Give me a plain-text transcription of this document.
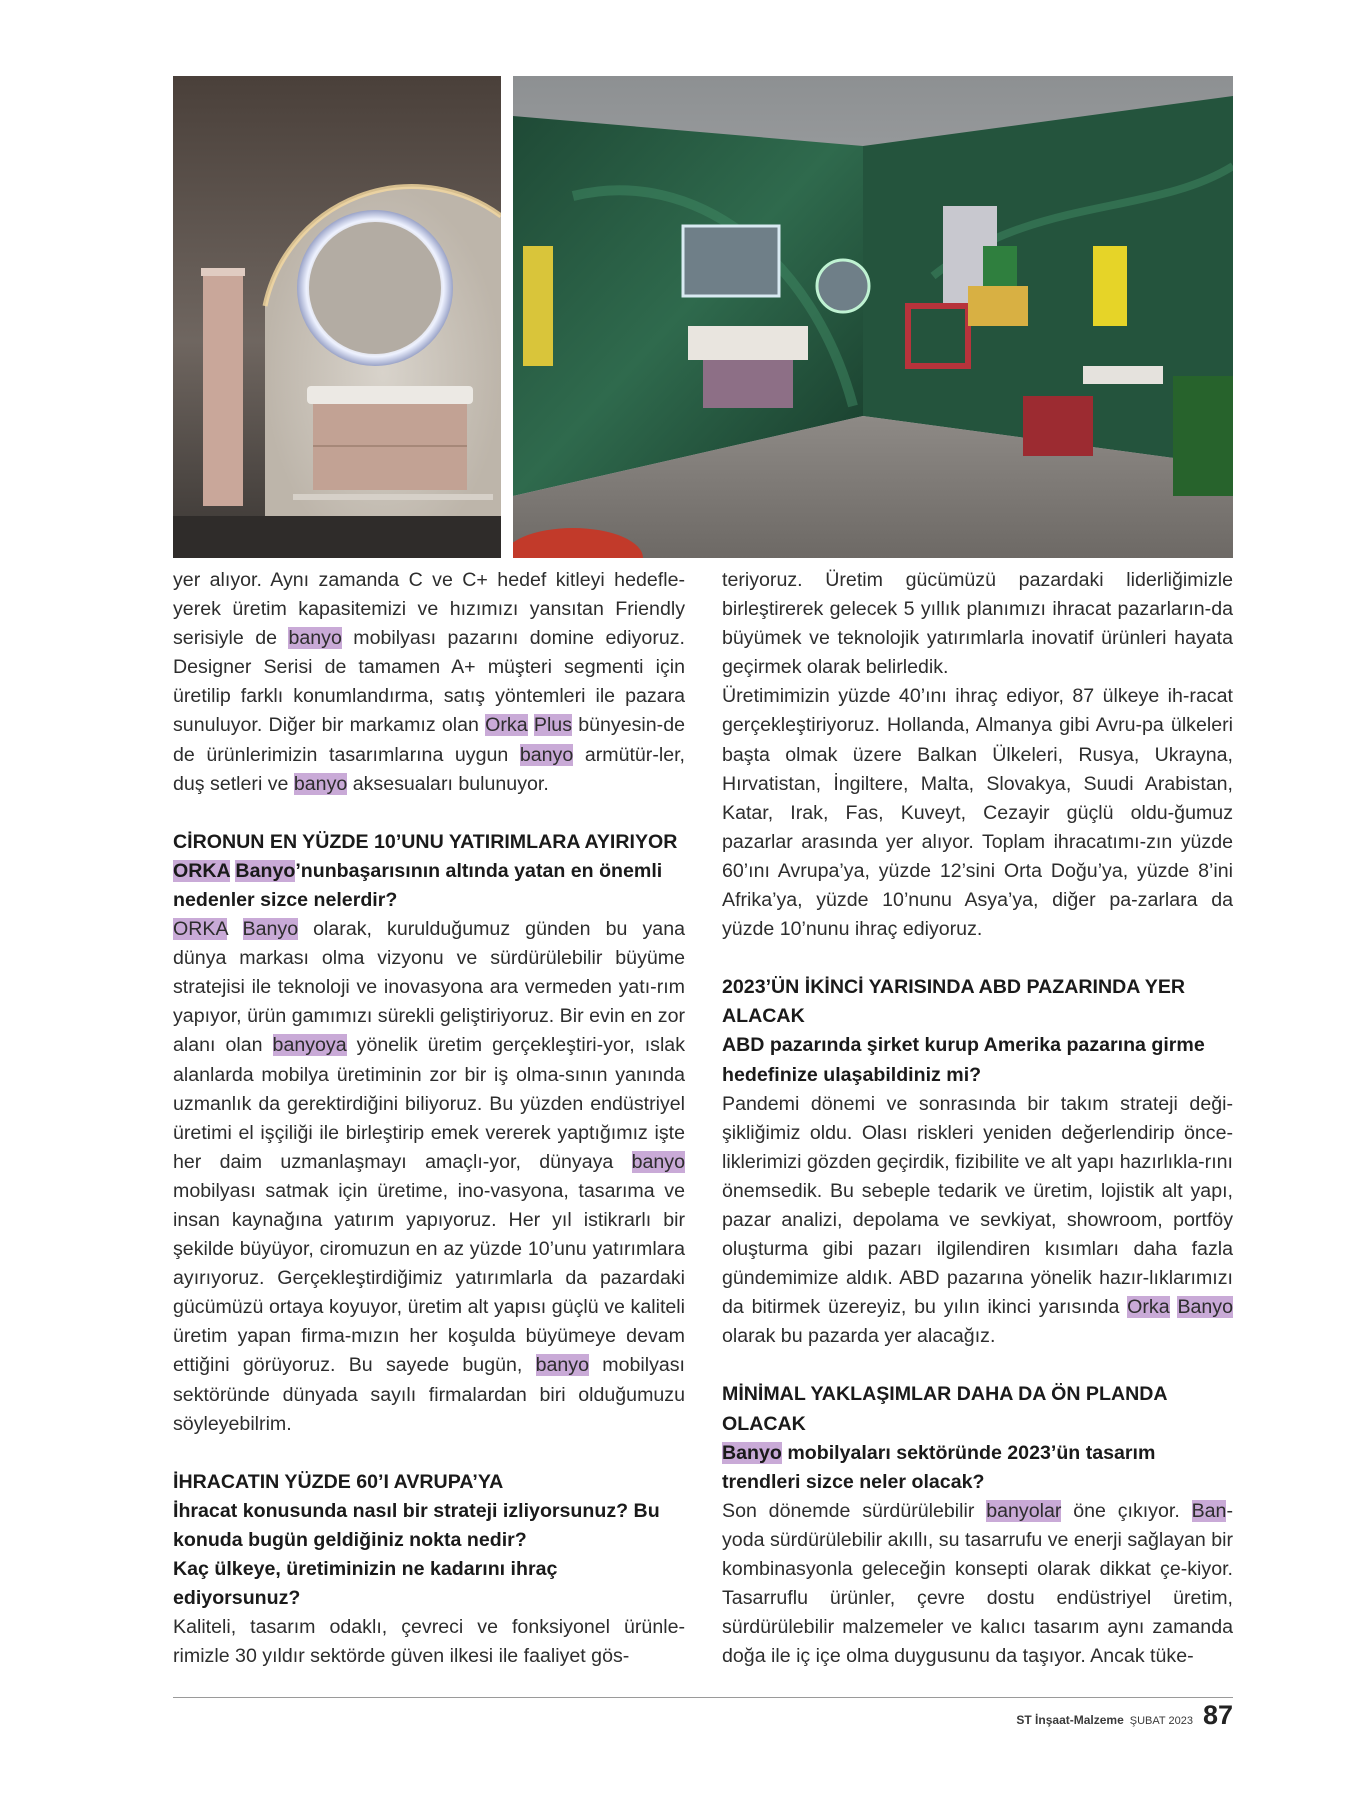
yer alıyor. Aynı zamanda C ve C+ hedef kitleyi hedefle-yerek üretim kapasitemizi ve hızımızı yansıtan Friendly serisiyle de banyo mobilyası pazarını domine ediyoruz. Designer Serisi de tamamen A+ müşteri segmenti için üretilip farklı konumlandırma, satış yöntemleri ile pazara sunuluyor. Diğer bir markamız olan Orka Plus bünyesin-de de ürünlerimizin tasarımlarına uygun banyo armütür-ler, duş setleri ve banyo aksesuaları bulunuyor.

CİRONUN EN YÜZDE 10’UNU YATIRIMLARA AYIRIYOR

ORKA Banyo’nunbaşarısının altında yatan en önemli nedenler sizce nelerdir?

ORKA Banyo olarak, kurulduğumuz günden bu yana dünya markası olma vizyonu ve sürdürülebilir büyüme stratejisi ile teknoloji ve inovasyona ara vermeden yatı-rım yapıyor, ürün gamımızı sürekli geliştiriyoruz. Bir evin en zor alanı olan banyoya yönelik üretim gerçekleştiri-yor, ıslak alanlarda mobilya üretiminin zor bir iş olma-sının yanında uzmanlık da gerektirdiğini biliyoruz. Bu yüzden endüstriyel üretimi el işçiliği ile birleştirip emek vererek yaptığımız işte her daim uzmanlaşmayı amaçlı-yor, dünyaya banyo mobilyası satmak için üretime, ino-vasyona, tasarıma ve insan kaynağına yatırım yapıyoruz. Her yıl istikrarlı bir şekilde büyüyor, ciromuzun en az yüzde 10’unu yatırımlara ayırıyoruz. Gerçekleştirdiğimiz yatırımlarla da pazardaki gücümüzü ortaya koyuyor, üretim alt yapısı güçlü ve kaliteli üretim yapan firma-mızın her koşulda büyümeye devam ettiğini görüyoruz. Bu sayede bugün, banyo mobilyası sektöründe dünyada sayılı firmalardan biri olduğumuzu söyleyebilrim.

İHRACATIN YÜZDE 60’I AVRUPA’YA

İhracat konusunda nasıl bir strateji izliyorsunuz? Bu konuda bugün geldiğiniz nokta nedir?

Kaç ülkeye, üretiminizin ne kadarını ihraç ediyorsunuz?

Kaliteli, tasarım odaklı, çevreci ve fonksiyonel ürünle-rimizle 30 yıldır sektörde güven ilkesi ile faaliyet gös-

teriyoruz. Üretim gücümüzü pazardaki liderliğimizle birleştirerek gelecek 5 yıllık planımızı ihracat pazarların-da büyümek ve teknolojik yatırımlarla inovatif ürünleri hayata geçirmek olarak belirledik.

Üretimimizin yüzde 40’ını ihraç ediyor, 87 ülkeye ih-racat gerçekleştiriyoruz. Hollanda, Almanya gibi Avru-pa ülkeleri başta olmak üzere Balkan Ülkeleri, Rusya, Ukrayna, Hırvatistan, İngiltere, Malta, Slovakya, Suudi Arabistan, Katar, Irak, Fas, Kuveyt, Cezayir güçlü oldu-ğumuz pazarlar arasında yer alıyor. Toplam ihracatımı-zın yüzde 60’ını Avrupa’ya, yüzde 12’sini Orta Doğu’ya, yüzde 8’ini Afrika’ya, yüzde 10’nunu Asya’ya, diğer pa-zarlara da yüzde 10’nunu ihraç ediyoruz.

2023’ÜN İKİNCİ YARISINDA ABD PAZARINDA YER ALACAK

ABD pazarında şirket kurup Amerika pazarına girme hedefinize ulaşabildiniz mi?

Pandemi dönemi ve sonrasında bir takım strateji deği-şikliğimiz oldu. Olası riskleri yeniden değerlendirip önce-liklerimizi gözden geçirdik, fizibilite ve alt yapı hazırlıkla-rını önemsedik. Bu sebeple tedarik ve üretim, lojistik alt yapı, pazar analizi, depolama ve sevkiyat, showroom, portföy oluşturma gibi pazarı ilgilendiren kısımları daha fazla gündemimize aldık. ABD pazarına yönelik hazır-lıklarımızı da bitirmek üzereyiz, bu yılın ikinci yarısında Orka Banyo olarak bu pazarda yer alacağız.

MİNİMAL YAKLAŞIMLAR DAHA DA ÖN PLANDA OLACAK

Banyo mobilyaları sektöründe 2023’ün tasarım trendleri sizce neler olacak?

Son dönemde sürdürülebilir banyolar öne çıkıyor. Ban-yoda sürdürülebilir akıllı, su tasarrufu ve enerji sağlayan bir kombinasyonla geleceğin konsepti olarak dikkat çe-kiyor. Tasarruflu ürünler, çevre dostu endüstriyel üretim, sürdürülebilir malzemeler ve kalıcı tasarım aynı zamanda doğa ile iç içe olma duygusunu da taşıyor. Ancak tüke-

ST İnşaat-Malzeme ŞUBAT 2023 87
